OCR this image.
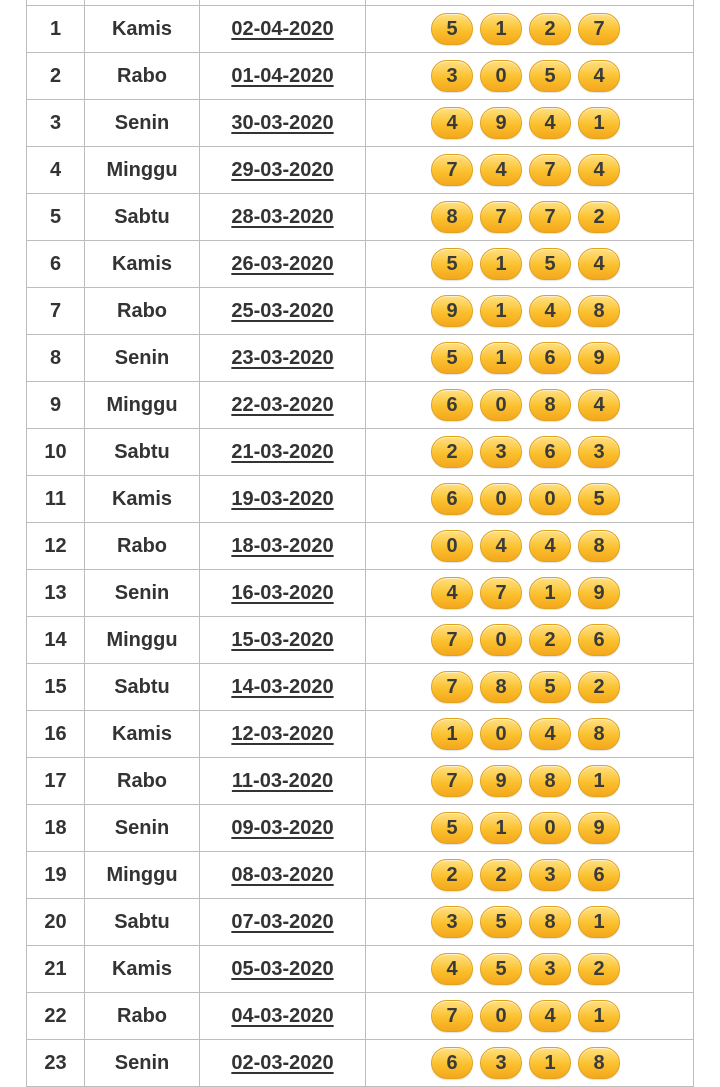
1	Kamis	02-04-2020	5 1 2 7

2	Rabo	01-04-2020	3 0 5 4

3	Senin	30-03-2020	4 9 4 1

4	Minggu	29-03-2020	7 4 7 4

5	Sabtu	28-03-2020	8 7 7 2

6	Kamis	26-03-2020	5 1 5 4

7	Rabo	25-03-2020	9 1 4 8

8	Senin	23-03-2020	5 1 6 9

9	Minggu	22-03-2020	6 0 8 4

10	Sabtu	21-03-2020	2 3 6 3

11	Kamis	19-03-2020	6 0 0 5

12	Rabo	18-03-2020	0 4 4 8

13	Senin	16-03-2020	4 7 1 9

14	Minggu	15-03-2020	7 0 2 6

15	Sabtu	14-03-2020	7 8 5 2

16	Kamis	12-03-2020	1 0 4 8

17	Rabo	11-03-2020	7 9 8 1

18	Senin	09-03-2020	5 1 0 9

19	Minggu	08-03-2020	2 2 3 6

20	Sabtu	07-03-2020	3 5 8 1

21	Kamis	05-03-2020	4 5 3 2

22	Rabo	04-03-2020	7 0 4 1

23	Senin	02-03-2020	6 3 1 8
